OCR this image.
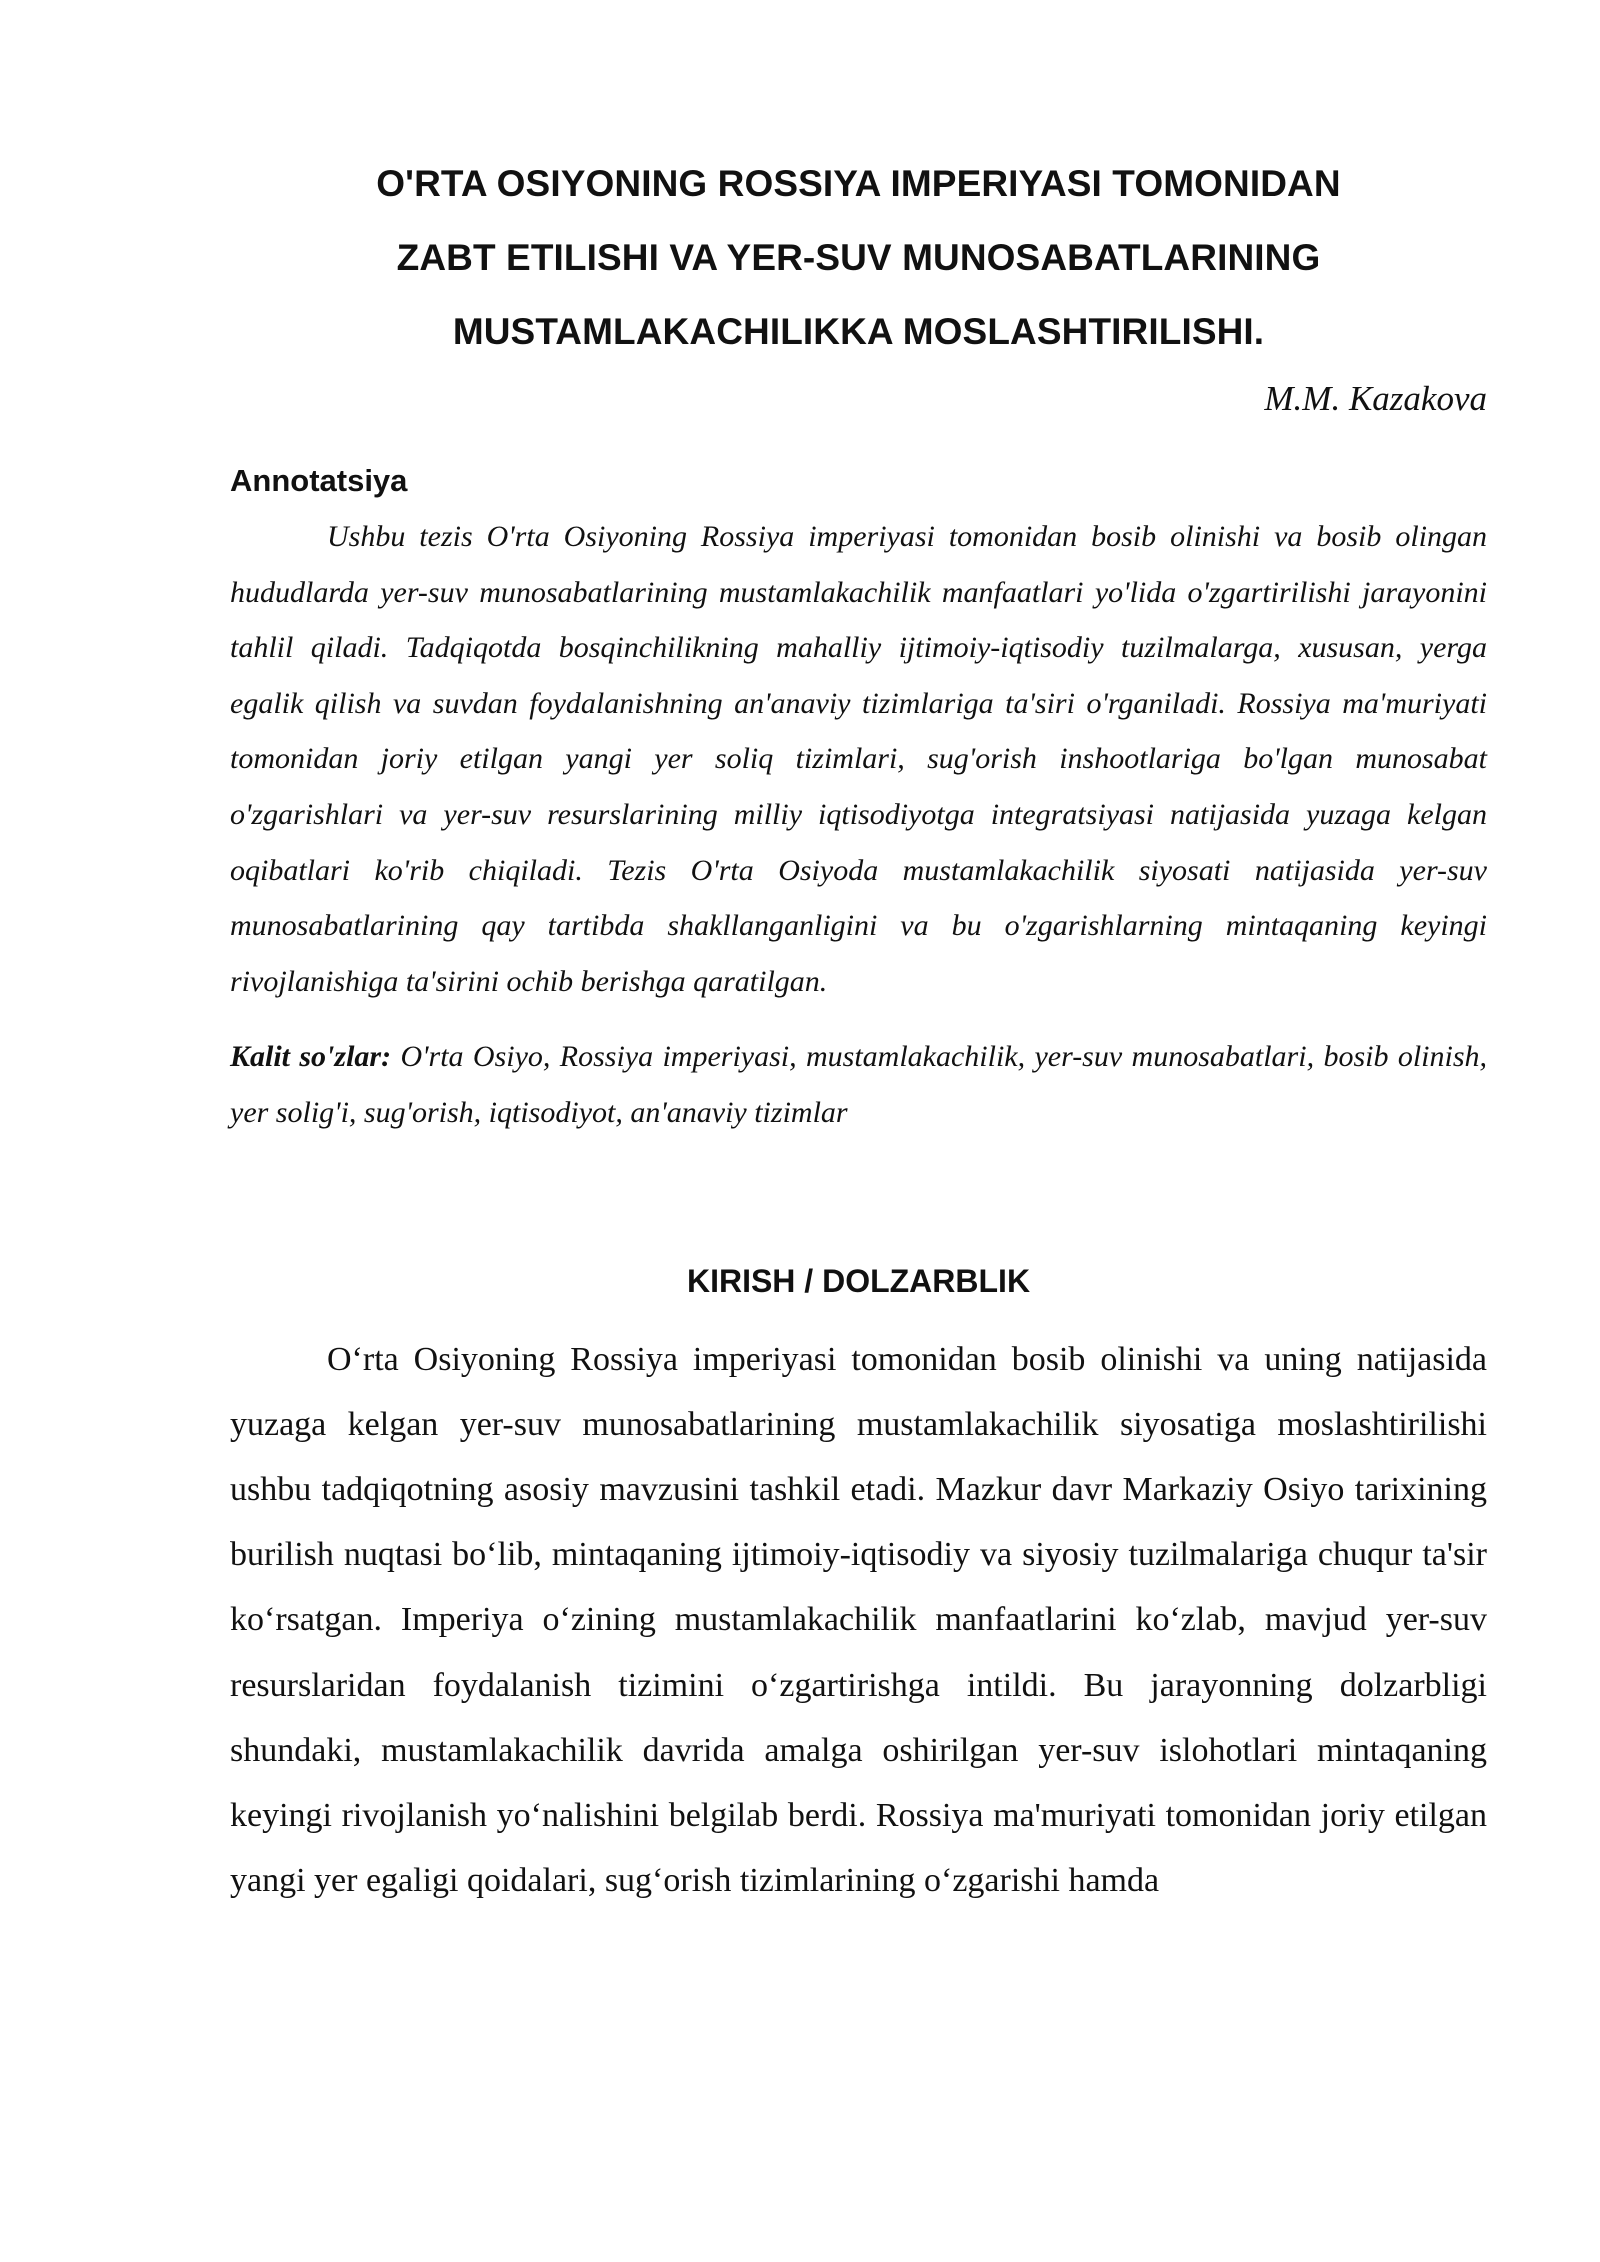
O'RTA OSIYONING ROSSIYA IMPERIYASI TOMONIDAN
ZABT ETILISHI VA YER-SUV MUNOSABATLARINING
MUSTAMLAKACHILIKKA MOSLASHTIRILISHI.

M.M. Kazakova

Annotatsiya

Ushbu tezis O'rta Osiyoning Rossiya imperiyasi tomonidan bosib olinishi va bosib olingan hududlarda yer-suv munosabatlarining mustamlakachilik manfaatlari yo'lida o'zgartirilishi jarayonini tahlil qiladi. Tadqiqotda bosqinchilikning mahalliy ijtimoiy-iqtisodiy tuzilmalarga, xususan, yerga egalik qilish va suvdan foydalanishning an'anaviy tizimlariga ta'siri o'rganiladi. Rossiya ma'muriyati tomonidan joriy etilgan yangi yer soliq tizimlari, sug'orish inshootlariga bo'lgan munosabat o'zgarishlari va yer-suv resurslarining milliy iqtisodiyotga integratsiyasi natijasida yuzaga kelgan oqibatlari ko'rib chiqiladi. Tezis O'rta Osiyoda mustamlakachilik siyosati natijasida yer-suv munosabatlarining qay tartibda shakllanganligini va bu o'zgarishlarning mintaqaning keyingi rivojlanishiga ta'sirini ochib berishga qaratilgan.

Kalit so'zlar: O'rta Osiyo, Rossiya imperiyasi, mustamlakachilik, yer-suv munosabatlari, bosib olinish, yer solig'i, sug'orish, iqtisodiyot, an'anaviy tizimlar

KIRISH / DOLZARBLIK

O‘rta Osiyoning Rossiya imperiyasi tomonidan bosib olinishi va uning natijasida yuzaga kelgan yer-suv munosabatlarining mustamlakachilik siyosatiga moslashtirilishi ushbu tadqiqotning asosiy mavzusini tashkil etadi. Mazkur davr Markaziy Osiyo tarixining burilish nuqtasi bo‘lib, mintaqaning ijtimoiy-iqtisodiy va siyosiy tuzilmalariga chuqur ta'sir ko‘rsatgan. Imperiya o‘zining mustamlakachilik manfaatlarini ko‘zlab, mavjud yer-suv resurslaridan foydalanish tizimini o‘zgartirishga intildi. Bu jarayonning dolzarbligi shundaki, mustamlakachilik davrida amalga oshirilgan yer-suv islohotlari mintaqaning keyingi rivojlanish yo‘nalishini belgilab berdi. Rossiya ma'muriyati tomonidan joriy etilgan yangi yer egaligi qoidalari, sug‘orish tizimlarining o‘zgarishi hamda
